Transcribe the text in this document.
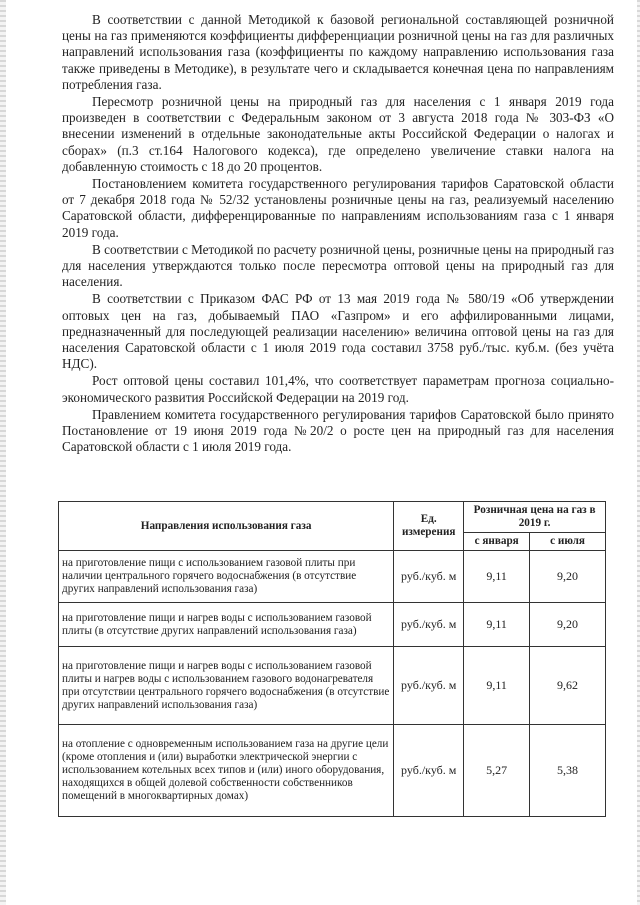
В соответствии с данной Методикой к базовой региональной составляющей розничной цены на газ применяются коэффициенты дифференциации розничной цены на газ для различных направлений использования газа (коэффициенты по каждому направлению использования газа также приведены в Методике), в результате чего и складывается конечная цена по направлениям потребления газа.

Пересмотр розничной цены на природный газ для населения с 1 января 2019 года произведен в соответствии с Федеральным законом от 3 августа 2018 года № 303-ФЗ «О внесении изменений в отдельные законодательные акты Российской Федерации о налогах и сборах» (п.3 ст.164 Налогового кодекса), где определено увеличение ставки налога на добавленную стоимость с 18 до 20 процентов.

Постановлением комитета государственного регулирования тарифов Саратовской области от 7 декабря 2018 года № 52/32 установлены розничные цены на газ, реализуемый населению Саратовской области, дифференцированные по направлениям использованиям газа с 1 января 2019 года.

В соответствии с Методикой по расчету розничной цены, розничные цены на природный газ для населения утверждаются только после пересмотра оптовой цены на природный газ для населения.

В соответствии с Приказом ФАС РФ от 13 мая 2019 года № 580/19 «Об утверждении оптовых цен на газ, добываемый ПАО «Газпром» и его аффилированными лицами, предназначенный для последующей реализации населению» величина оптовой цены на газ для населения Саратовской области с 1 июля 2019 года составил 3758 руб./тыс. куб.м. (без учёта НДС).

Рост оптовой цены составил 101,4%, что соответствует параметрам прогноза социально-экономического развития Российской Федерации на 2019 год.

Правлением комитета государственного регулирования тарифов Саратовской было принято Постановление от 19 июня 2019 года №20/2 о росте цен на природный газ для населения Саратовской области с 1 июля 2019 года.

Направления использования газа	Ед. измерения	Розничная цена на газ в 2019 г.	
		с января	с июля
на приготовление пищи с использованием газовой плиты при наличии центрального горячего водоснабжения (в отсутствие других направлений использования газа)	руб./куб. м	9,11	9,20
на приготовление пищи и нагрев воды с использованием газовой плиты (в отсутствие других направлений использования газа)	руб./куб. м	9,11	9,20
на приготовление пищи и нагрев воды с использованием газовой плиты и нагрев воды с использованием газового водонагревателя при отсутствии центрального горячего водоснабжения (в отсутствие других направлений использования газа)	руб./куб. м	9,11	9,62
на отопление с одновременным использованием газа на другие цели (кроме отопления и (или) выработки электрической энергии с использованием котельных всех типов и (или) иного оборудования, находящихся в общей долевой собственности собственников помещений в многоквартирных домах)	руб./куб. м	5,27	5,38
